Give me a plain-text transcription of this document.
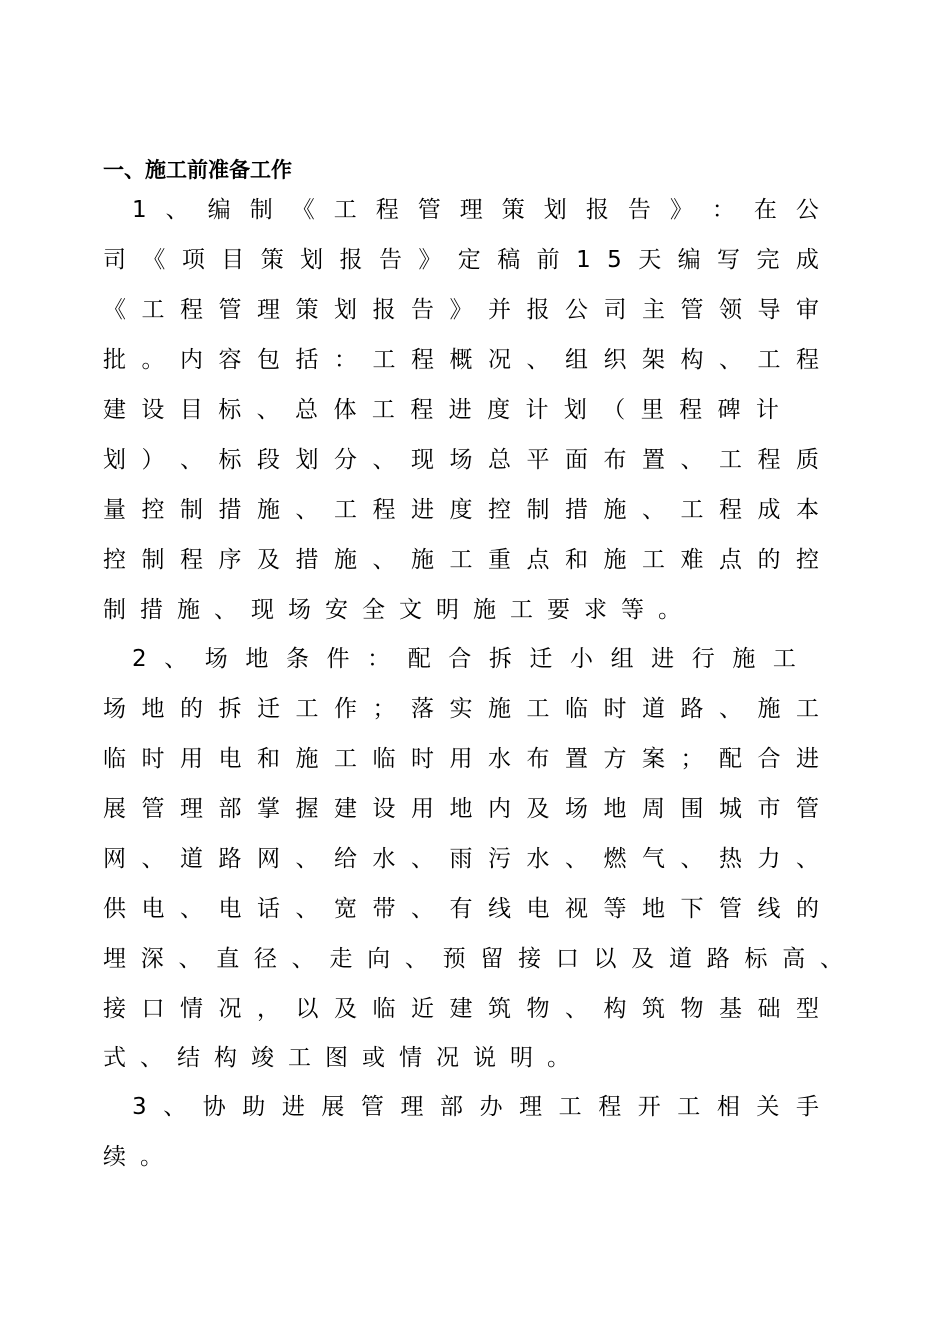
一、施工前准备工作
1 、 编 制 《 工 程 管 理 策 划 报 告 》 ： 在 公
司 《 项 目 策 划 报 告 》 定 稿 前 1 5 天 编 写 完 成
《 工 程 管 理 策 划 报 告 》 并 报 公 司 主 管 领 导 审
批 。 内 容 包 括 ： 工 程 概 况 、 组 织 架 构 、 工 程
建 设 目 标 、 总 体 工 程 进 度 计 划 （ 里 程 碑 计
划 ） 、 标 段 划 分 、 现 场 总 平 面 布 置 、 工 程 质
量 控 制 措 施 、 工 程 进 度 控 制 措 施 、 工 程 成 本
控 制 程 序 及 措 施 、 施 工 重 点 和 施 工 难 点 的 控
制措施、现场安全文明施工要求等。
2 、 场 地 条 件 ： 配 合 拆 迁 小 组 进 行 施 工
场 地 的 拆 迁 工 作 ； 落 实 施 工 临 时 道 路 、 施 工
临 时 用 电 和 施 工 临 时 用 水 布 置 方 案 ； 配 合 进
展 管 理 部 掌 握 建 设 用 地 内 及 场 地 周 围 城 市 管
网 、 道 路 网 、 给 水 、 雨 污 水 、 燃 气 、 热 力 、
供 电 、 电 话 、 宽 带 、 有 线 电 视 等 地 下 管 线 的
埋 深 、 直 径 、 走 向 、 预 留 接 口 以 及 道 路 标 高 、
接 口 情 况 ， 以 及 临 近 建 筑 物 、 构 筑 物 基 础 型
式、结构竣工图或情况说明。
3 、 协 助 进 展 管 理 部 办 理 工 程 开 工 相 关 手
续。
